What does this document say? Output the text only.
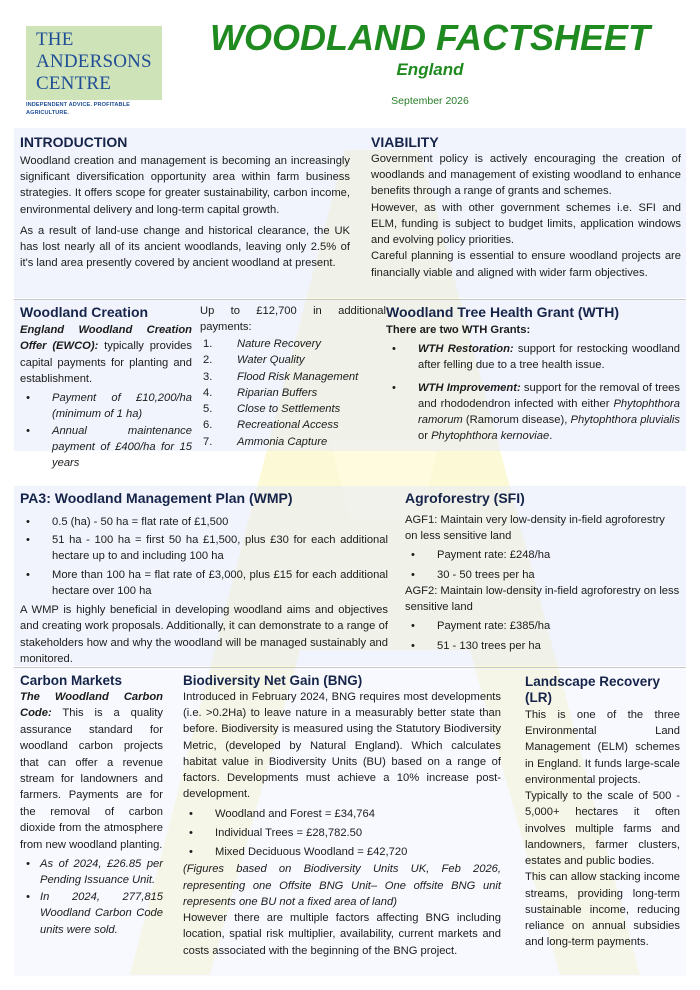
THE
ANDERSONS
CENTRE
INDEPENDENT ADVICE. PROFITABLE AGRICULTURE.
WOODLAND FACTSHEET
England
September 2026
INTRODUCTION

Woodland creation and management is becoming an increasingly significant diversification opportunity area within farm business strategies. It offers scope for greater sustainability, carbon income, environmental delivery and long-term capital growth.

As a result of land-use change and historical clearance, the UK has lost nearly all of its ancient woodlands, leaving only 2.5% of it's land area presently covered by ancient woodland at present.

VIABILITY

Government policy is actively encouraging the creation of woodlands and management of existing woodland to enhance benefits through a range of grants and schemes.

However, as with other government schemes i.e. SFI and ELM, funding is subject to budget limits, application windows and evolving policy priorities.

Careful planning is essential to ensure woodland projects are financially viable and aligned with wider farm objectives.

Woodland Creation

England Woodland Creation Offer (EWCO): typically provides capital payments for planting and establishment.

• Payment of £10,200/ha (minimum of 1 ha)
• Annual maintenance payment of £400/ha for 15 years

Up to £12,700 in additional payments:

1. Nature Recovery
2. Water Quality
3. Flood Risk Management
4. Riparian Buffers
5. Close to Settlements
6. Recreational Access
7. Ammonia Capture
Woodland Tree Health Grant (WTH)

There are two WTH Grants:

• WTH Restoration: support for restocking woodland after felling due to a tree health issue.
• WTH Improvement: support for the removal of trees and rhododendron infected with either Phytophthora ramorum (Ramorum disease), Phytophthora pluvialis or Phytophthora kernoviae.
PA3: Woodland Management Plan (WMP)
• 0.5 (ha) - 50 ha = flat rate of £1,500
• 51 ha - 100 ha = first 50 ha £1,500, plus £30 for each additional hectare up to and including 100 ha
• More than 100 ha = flat rate of £3,000, plus £15 for each additional hectare over 100 ha

A WMP is highly beneficial in developing woodland aims and objectives and creating work proposals. Additionally, it can demonstrate to a range of stakeholders how and why the woodland will be managed sustainably and monitored.

Agroforestry (SFI)

AGF1: Maintain very low-density in-field agroforestry on less sensitive land

• Payment rate: £248/ha
• 30 - 50 trees per ha

AGF2: Maintain low-density in-field agroforestry on less sensitive land

• Payment rate: £385/ha
• 51 - 130 trees per ha
Carbon Markets

The Woodland Carbon Code: This is a quality assurance standard for woodland carbon projects that can offer a revenue stream for landowners and farmers. Payments are for the removal of carbon dioxide from the atmosphere from new woodland planting.

• As of 2024, £26.85 per Pending Issuance Unit.
• In 2024, 277,815 Woodland Carbon Code units were sold.
Biodiversity Net Gain (BNG)

Introduced in February 2024, BNG requires most developments (i.e. >0.2Ha) to leave nature in a measurably better state than before. Biodiversity is measured using the Statutory Biodiversity Metric, (developed by Natural England). Which calculates habitat value in Biodiversity Units (BU) based on a range of factors. Developments must achieve a 10% increase post-development.

• Woodland and Forest = £34,764
• Individual Trees = £28,782.50
• Mixed Deciduous Woodland = £42,720

(Figures based on Biodiversity Units UK, Feb 2026, representing one Offsite BNG Unit– One offsite BNG unit represents one BU not a fixed area of land)

However there are multiple factors affecting BNG including location, spatial risk multiplier, availability, current markets and costs associated with the beginning of the BNG project.

Landscape Recovery
(LR)

This is one of the three Environmental Land Management (ELM) schemes in England. It funds large-scale environmental projects.

Typically to the scale of 500 - 5,000+ hectares it often involves multiple farms and landowners, farmer clusters, estates and public bodies.

This can allow stacking income streams, providing long-term sustainable income, reducing reliance on annual subsidies and long-term payments.
